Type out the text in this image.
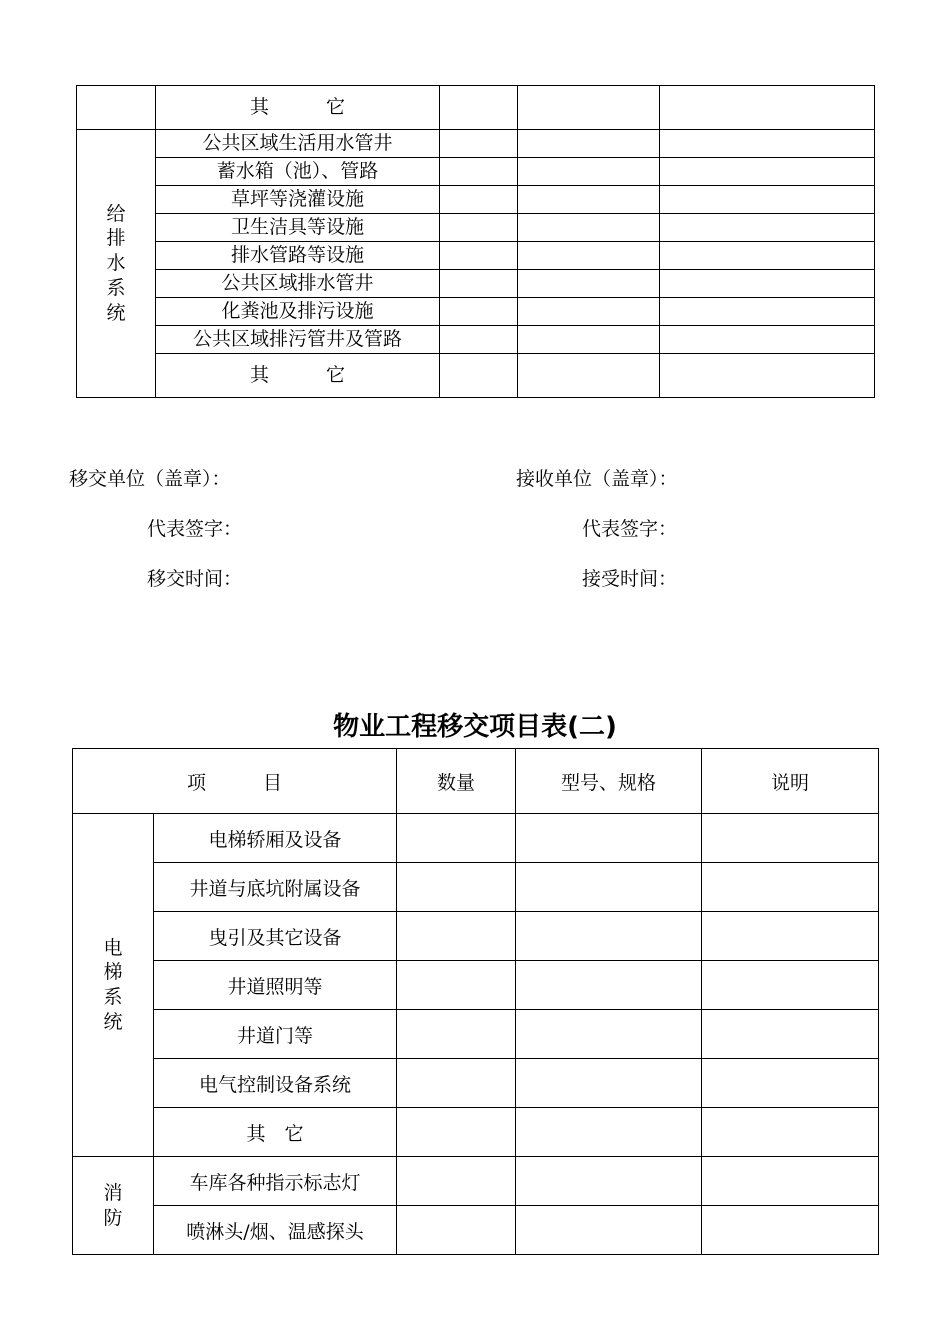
	其　　　它			
给排水系统	公共区域生活用水管井			
	蓄水箱（池）、管路			
	草坪等浇灌设施			
	卫生洁具等设施			
	排水管路等设施			
	公共区域排水管井			
	化粪池及排污设施			
	公共区域排污管井及管路			
	其　　　它			
移交单位（盖章）：	接收单位（盖章）：
代表签字：	代表签字：
移交时间：	接受时间：
物业工程移交项目表(二)
项　　　目		数量	型号、规格	说明
电梯系统	电梯轿厢及设备			
	井道与底坑附属设备			
	曳引及其它设备			
	井道照明等			
	井道门等			
	电气控制设备系统			
	其　它			
消防	车库各种指示标志灯			
	喷淋头/烟、温感探头			
